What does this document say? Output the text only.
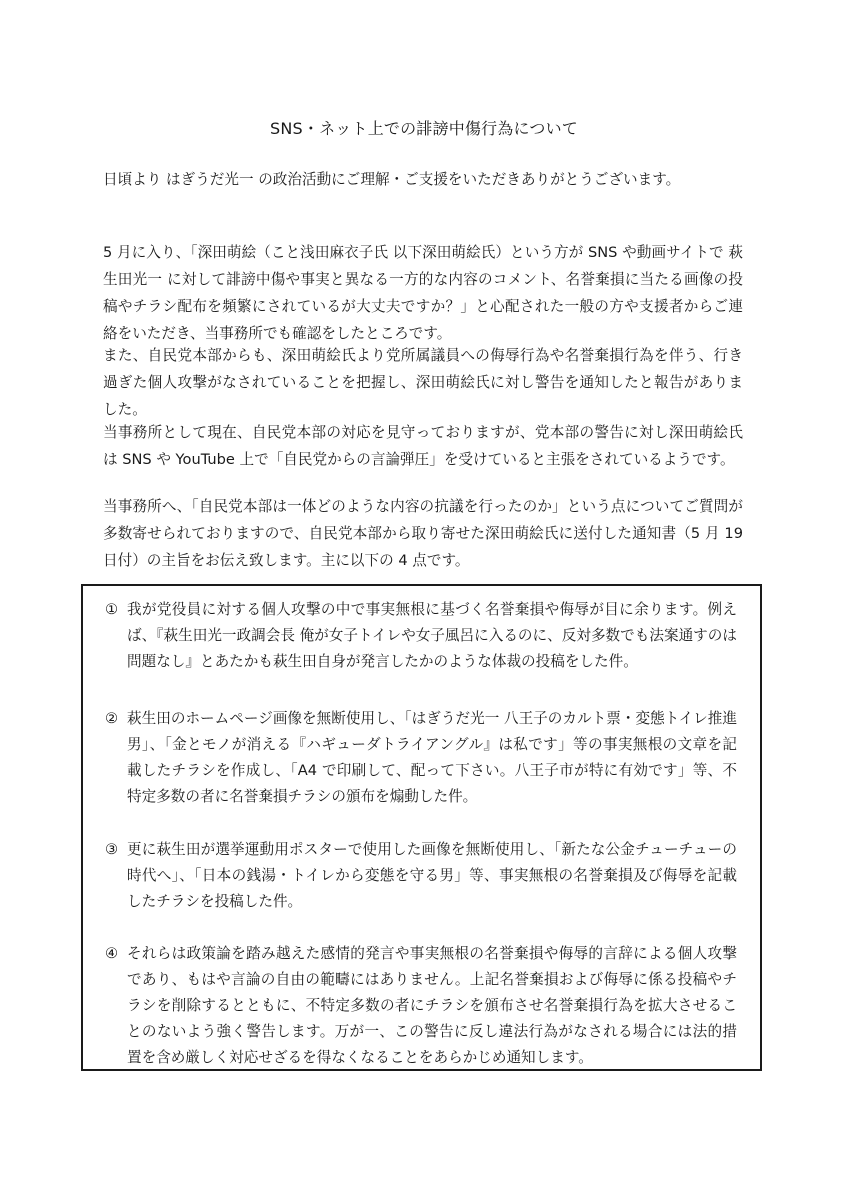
SNS・ネット上での誹謗中傷行為について

日頃より はぎうだ光一 の政治活動にご理解・ご支援をいただきありがとうございます。

5 月に入り、「深田萌絵（こと浅田麻衣子氏 以下深田萌絵氏）という方が SNS や動画サイトで 萩生田光一 に対して誹謗中傷や事実と異なる一方的な内容のコメント、名誉棄損に当たる画像の投稿やチラシ配布を頻繁にされているが大丈夫ですか？」と心配された一般の方や支援者からご連絡をいただき、当事務所でも確認をしたところです。

また、自民党本部からも、深田萌絵氏より党所属議員への侮辱行為や名誉棄損行為を伴う、行き過ぎた個人攻撃がなされていることを把握し、深田萌絵氏に対し警告を通知したと報告がありました。

当事務所として現在、自民党本部の対応を見守っておりますが、党本部の警告に対し深田萌絵氏は SNS や YouTube 上で「自民党からの言論弾圧」を受けていると主張をされているようです。

当事務所へ、「自民党本部は一体どのような内容の抗議を行ったのか」という点についてご質問が多数寄せられておりますので、自民党本部から取り寄せた深田萌絵氏に送付した通知書（5 月 19 日付）の主旨をお伝え致します。主に以下の 4 点です。

① 我が党役員に対する個人攻撃の中で事実無根に基づく名誉棄損や侮辱が目に余ります。例えば、『萩生田光一政調会長 俺が女子トイレや女子風呂に入るのに、反対多数でも法案通すのは問題なし』とあたかも萩生田自身が発言したかのような体裁の投稿をした件。
② 萩生田のホームページ画像を無断使用し、「はぎうだ光一 八王子のカルト票・変態トイレ推進男」、「金とモノが消える『ハギューダトライアングル』は私です」等の事実無根の文章を記載したチラシを作成し、「A4 で印刷して、配って下さい。八王子市が特に有効です」等、不特定多数の者に名誉棄損チラシの頒布を煽動した件。
③ 更に萩生田が選挙運動用ポスターで使用した画像を無断使用し、「新たな公金チューチューの時代へ」、「日本の銭湯・トイレから変態を守る男」等、事実無根の名誉棄損及び侮辱を記載したチラシを投稿した件。
④ それらは政策論を踏み越えた感情的発言や事実無根の名誉棄損や侮辱的言辞による個人攻撃であり、もはや言論の自由の範疇にはありません。上記名誉棄損および侮辱に係る投稿やチラシを削除するとともに、不特定多数の者にチラシを頒布させ名誉棄損行為を拡大させることのないよう強く警告します。万が一、この警告に反し違法行為がなされる場合には法的措置を含め厳しく対応せざるを得なくなることをあらかじめ通知します。
